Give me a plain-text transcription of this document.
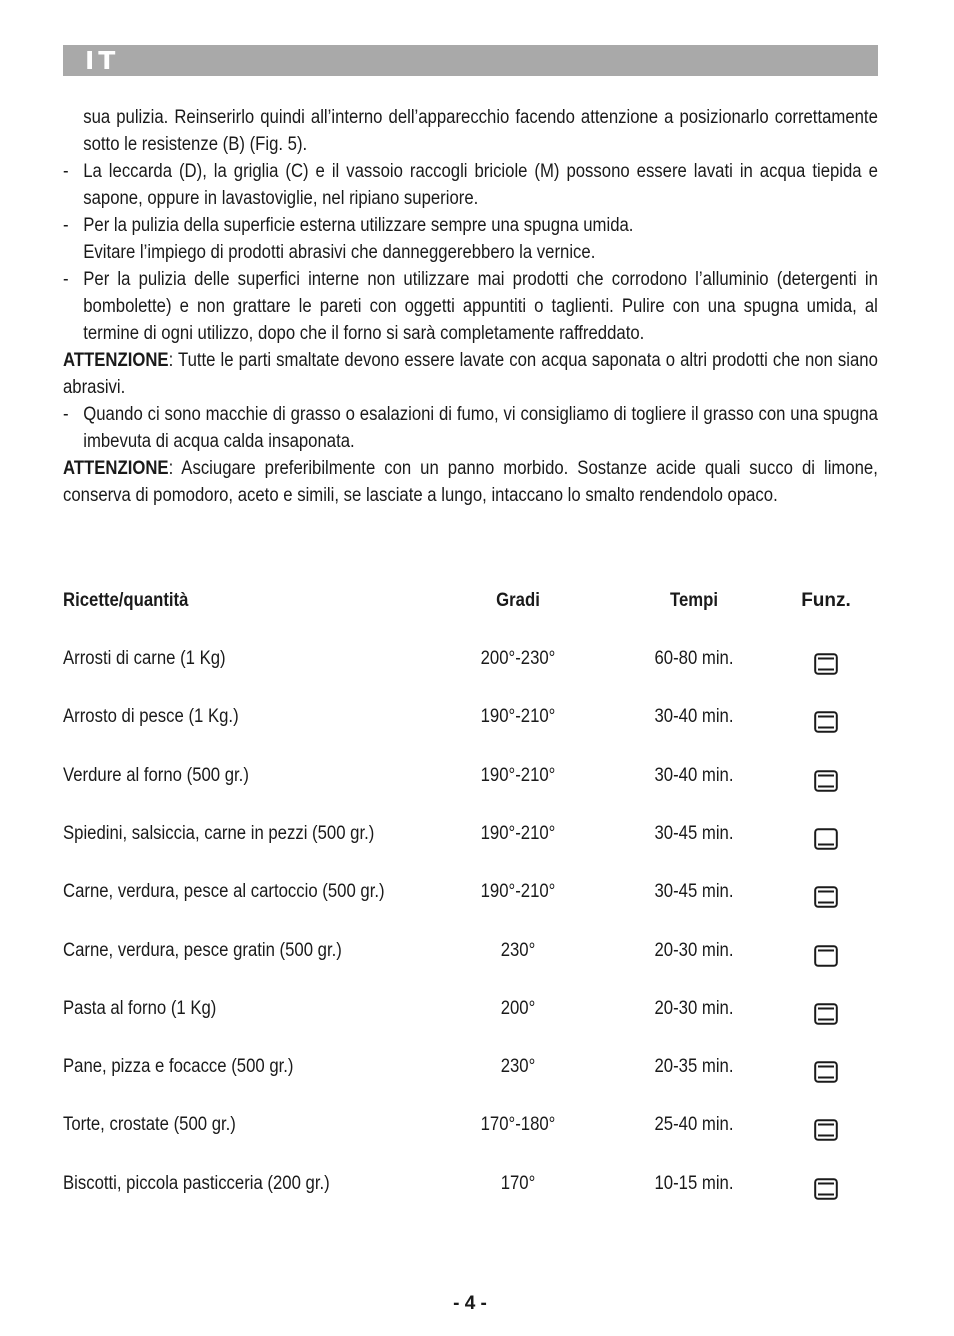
IT

sua pulizia. Reinserirlo quindi all’interno dell’apparecchio facendo attenzione a posizionarlo correttamente sotto le resistenze (B) (Fig. 5).

- La leccarda (D), la griglia (C) e il vassoio raccogli briciole (M) possono essere lavati in acqua tiepida e sapone, oppure in lavastoviglie, nel ripiano superiore.

- Per la pulizia della superficie esterna utilizzare sempre una spugna umida.

Evitare l’impiego di prodotti abrasivi che danneggerebbero la vernice.

- Per la pulizia delle superfici interne non utilizzare mai prodotti che corrodono l’alluminio (detergenti in bombolette) e non grattare le pareti con oggetti appuntiti o taglienti. Pulire con una spugna umida, al termine di ogni utilizzo, dopo che il forno si sarà completamente raffreddato.

ATTENZIONE: Tutte le parti smaltate devono essere lavate con acqua saponata o altri prodotti che non siano abrasivi.

- Quando ci sono macchie di grasso o esalazioni di fumo, vi consigliamo di togliere il grasso con una spugna imbevuta di acqua calda insaponata.

ATTENZIONE: Asciugare preferibilmente con un panno morbido. Sostanze acide quali succo di limone, conserva di pomodoro, aceto e simili, se lasciate a lungo, intaccano lo smalto rendendolo opaco.

Ricette/quantità	Gradi	Tempi	Funz.
Arrosti di carne (1 Kg)	200°-230°	60-80 min.
Arrosto di pesce (1 Kg.)	190°-210°	30-40 min.
Verdure al forno (500 gr.)	190°-210°	30-40 min.
Spiedini, salsiccia, carne in pezzi (500 gr.)	190°-210°	30-45 min.
Carne, verdura, pesce al cartoccio (500 gr.)	190°-210°	30-45 min.
Carne, verdura, pesce gratin (500 gr.)	230°	20-30 min.
Pasta al forno (1 Kg)	200°	20-30 min.
Pane, pizza e focacce (500 gr.)	230°	20-35 min.
Torte, crostate (500 gr.)	170°-180°	25-40 min.
Biscotti, piccola pasticceria (200 gr.)	170°	10-15 min.
- 4 -
